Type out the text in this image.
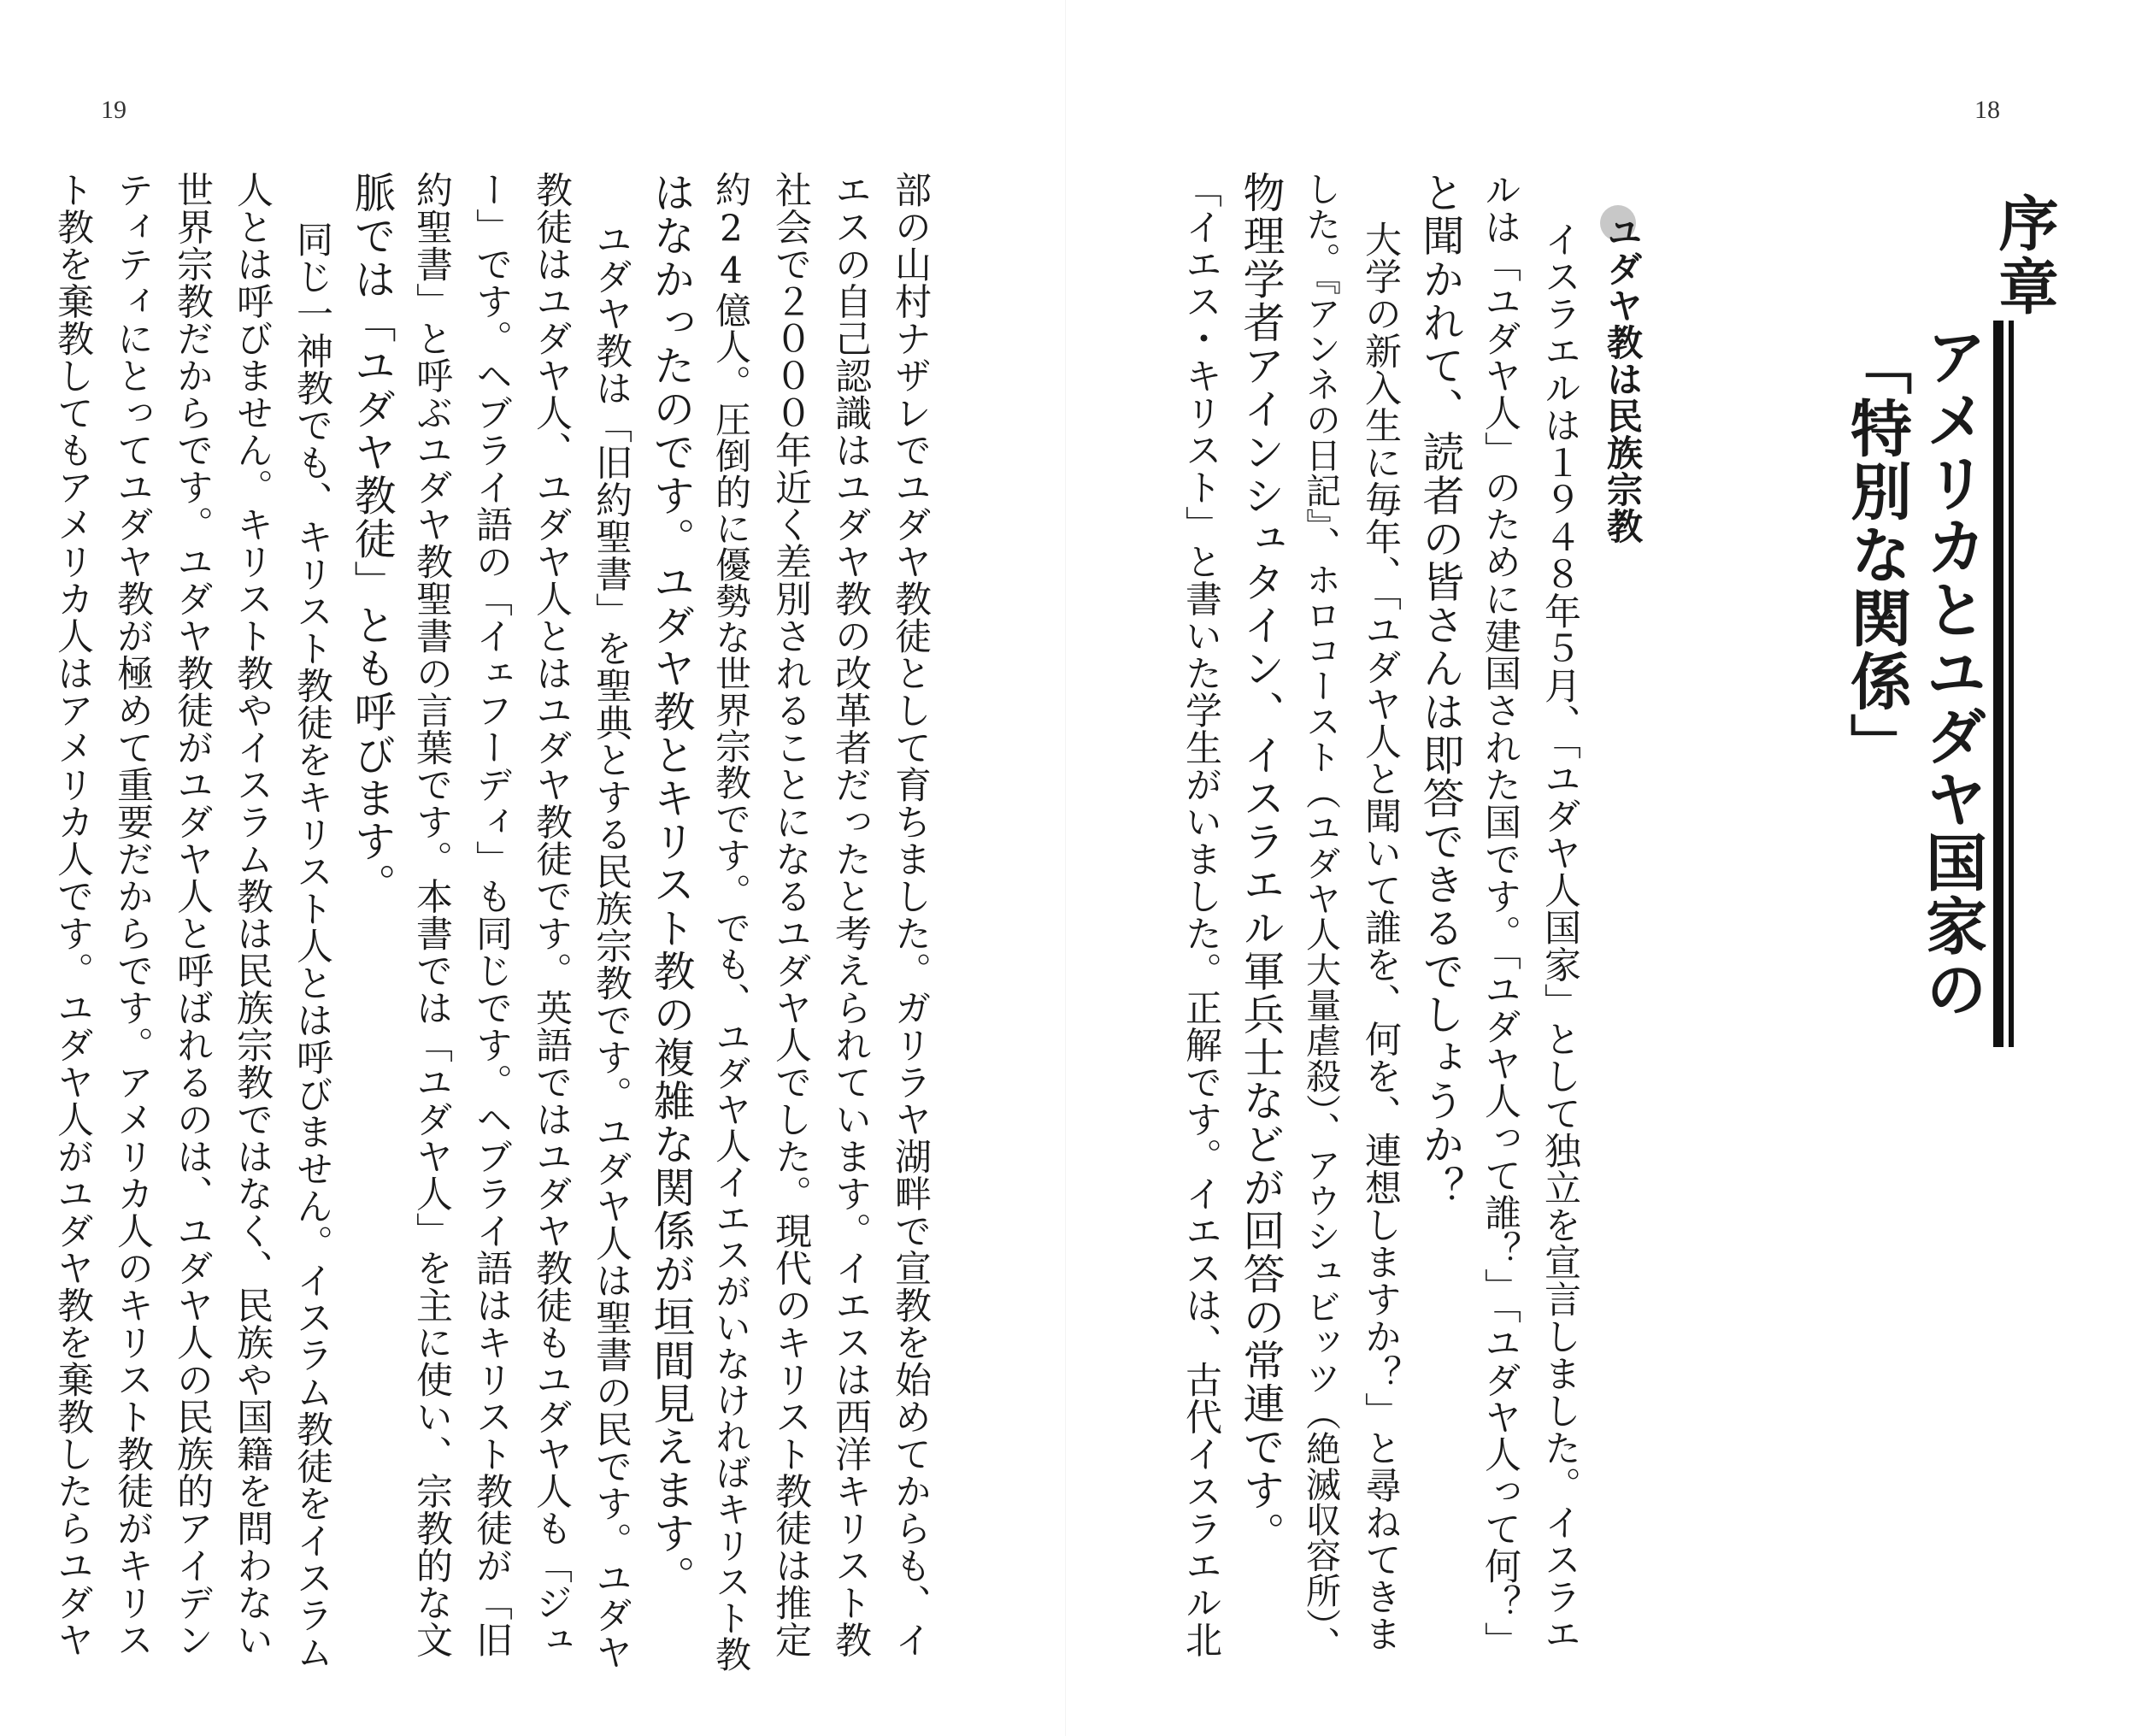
19	18
序章
アメリカとユダヤ国家の
「特別な関係」
ユダヤ教は民族宗教
イスラエルは１９４８年５月、「ユダヤ人国家」として独立を宣言しました。イスラエ
ルは「ユダヤ人」のために建国された国です。「ユダヤ人って誰？」「ユダヤ人って何？」
と聞かれて、読者の皆さんは即答できるでしょうか？
大学の新入生に毎年、「ユダヤ人と聞いて誰を、何を、連想しますか？」と尋ねてきま
した。『アンネの日記』、ホロコースト（ユダヤ人大量虐殺）、アウシュビッツ（絶滅収容所）、
物理学者アインシュタイン、イスラエル軍兵士などが回答の常連です。
「イエス・キリスト」と書いた学生がいました。正解です。イエスは、古代イスラエル北
部の山村ナザレでユダヤ教徒として育ちました。ガリラヤ湖畔で宣教を始めてからも、イ
エスの自己認識はユダヤ教の改革者だったと考えられています。イエスは西洋キリスト教
社会で２０００年近く差別されることになるユダヤ人でした。現代のキリスト教徒は推定
約24億人。圧倒的に優勢な世界宗教です。でも、ユダヤ人イエスがいなければキリスト教
はなかったのです。ユダヤ教とキリスト教の複雑な関係が垣間見えます。
ユダヤ教は「旧約聖書」を聖典とする民族宗教です。ユダヤ人は聖書の民です。ユダヤ
教徒はユダヤ人、ユダヤ人とはユダヤ教徒です。英語ではユダヤ教徒もユダヤ人も「ジュ
ー」です。ヘブライ語の「イェフーディ」も同じです。ヘブライ語はキリスト教徒が「旧
約聖書」と呼ぶユダヤ教聖書の言葉です。本書では「ユダヤ人」を主に使い、宗教的な文
脈では「ユダヤ教徒」とも呼びます。
同じ一神教でも、キリスト教徒をキリスト人とは呼びません。イスラム教徒をイスラム
人とは呼びません。キリスト教やイスラム教は民族宗教ではなく、民族や国籍を問わない
世界宗教だからです。ユダヤ教徒がユダヤ人と呼ばれるのは、ユダヤ人の民族的アイデン
ティティにとってユダヤ教が極めて重要だからです。アメリカ人のキリスト教徒がキリス
ト教を棄教してもアメリカ人はアメリカ人です。ユダヤ人がユダヤ教を棄教したらユダヤ
